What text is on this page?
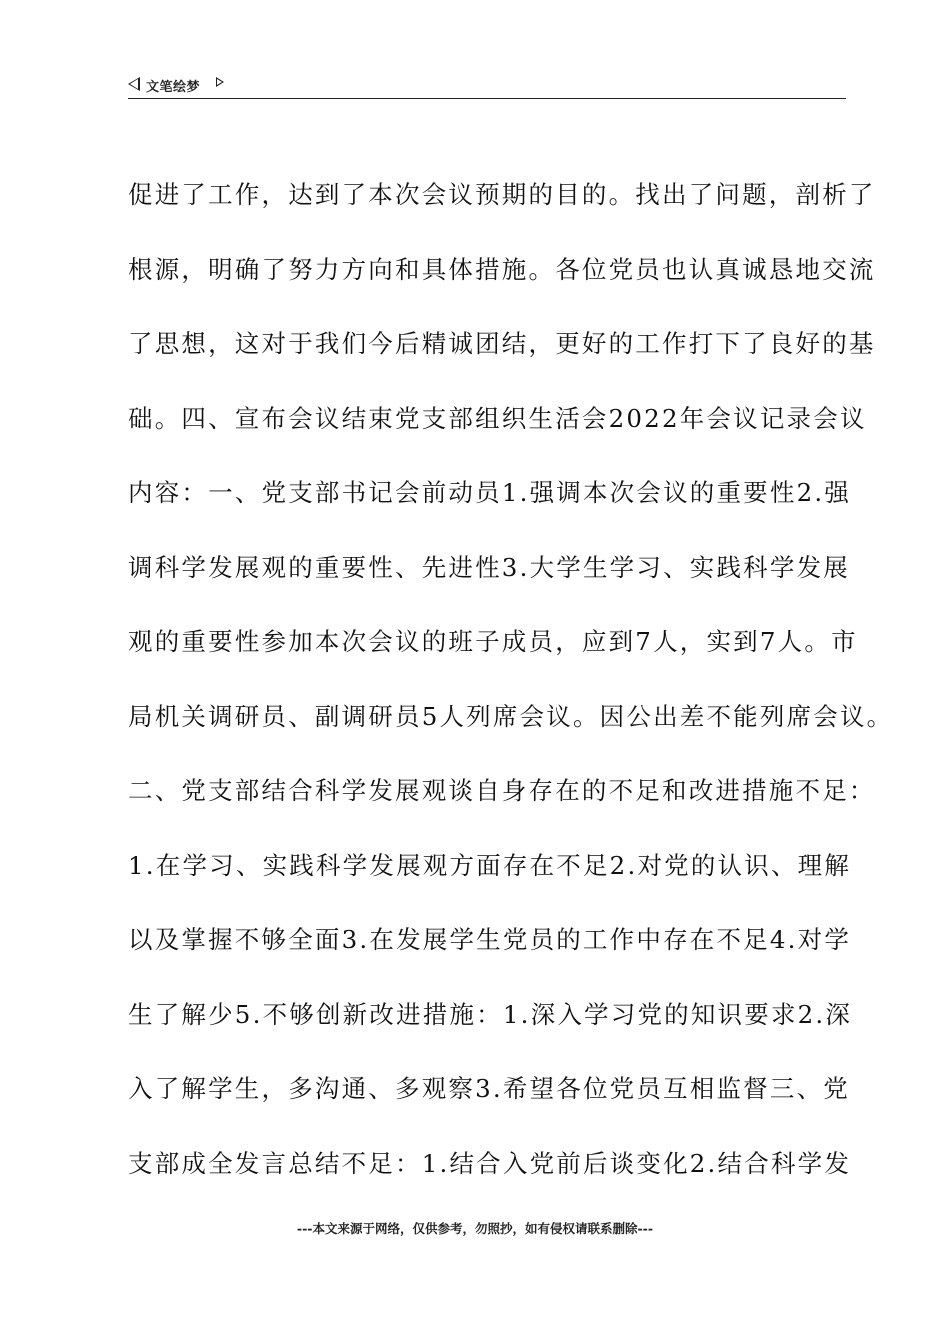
文笔绘梦
促进了工作，达到了本次会议预期的目的。找出了问题，剖析了
根源，明确了努力方向和具体措施。各位党员也认真诚恳地交流
了思想，这对于我们今后精诚团结，更好的工作打下了良好的基
础。四、宣布会议结束党支部组织生活会2022年会议记录会议
内容：一、党支部书记会前动员1.强调本次会议的重要性2.强
调科学发展观的重要性、先进性3.大学生学习、实践科学发展
观的重要性参加本次会议的班子成员，应到7人，实到7人。市
局机关调研员、副调研员5人列席会议。因公出差不能列席会议。
二、党支部结合科学发展观谈自身存在的不足和改进措施不足：
1.在学习、实践科学发展观方面存在不足2.对党的认识、理解
以及掌握不够全面3.在发展学生党员的工作中存在不足4.对学
生了解少5.不够创新改进措施：1.深入学习党的知识要求2.深
入了解学生，多沟通、多观察3.希望各位党员互相监督三、党
支部成全发言总结不足：1.结合入党前后谈变化2.结合科学发
---本文来源于网络，仅供参考，勿照抄，如有侵权请联系删除---
